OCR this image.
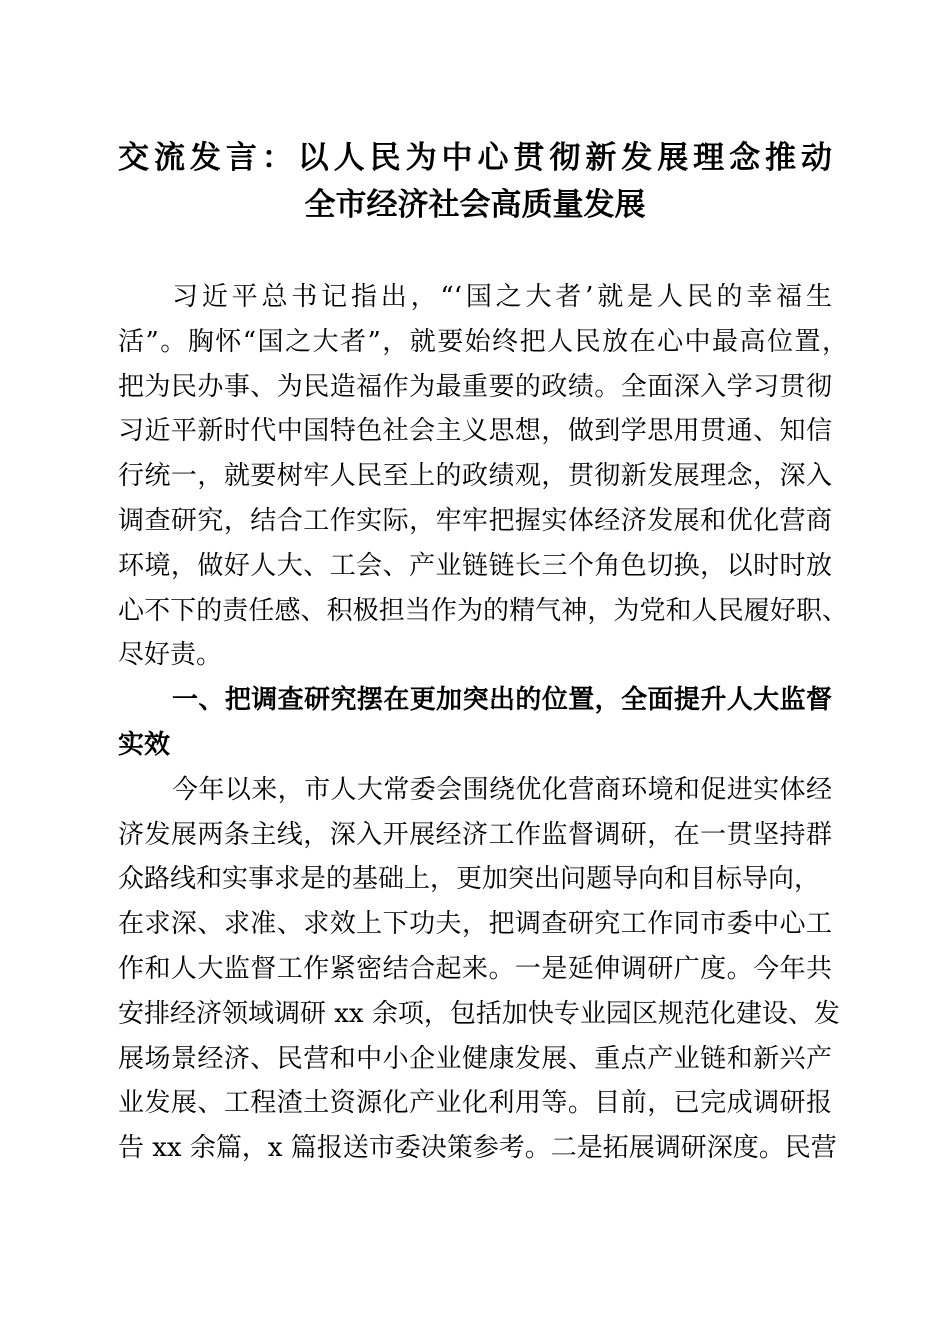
交流发言：以人民为中心贯彻新发展理念推动
全市经济社会高质量发展
习近平总书记指出，“‘国之大者’就是人民的幸福生
活”。胸怀“国之大者”，就要始终把人民放在心中最高位置，
把为民办事、为民造福作为最重要的政绩。全面深入学习贯彻
习近平新时代中国特色社会主义思想，做到学思用贯通、知信
行统一，就要树牢人民至上的政绩观，贯彻新发展理念，深入
调查研究，结合工作实际，牢牢把握实体经济发展和优化营商
环境，做好人大、工会、产业链链长三个角色切换，以时时放
心不下的责任感、积极担当作为的精气神，为党和人民履好职、
尽好责。
一、把调查研究摆在更加突出的位置，全面提升人大监督
实效
今年以来，市人大常委会围绕优化营商环境和促进实体经
济发展两条主线，深入开展经济工作监督调研，在一贯坚持群
众路线和实事求是的基础上，更加突出问题导向和目标导向，
在求深、求准、求效上下功夫，把调查研究工作同市委中心工
作和人大监督工作紧密结合起来。一是延伸调研广度。今年共
安排经济领域调研 xx 余项，包括加快专业园区规范化建设、发
展场景经济、民营和中小企业健康发展、重点产业链和新兴产
业发展、工程渣土资源化产业化利用等。目前，已完成调研报
告 xx 余篇，x 篇报送市委决策参考。二是拓展调研深度。民营
